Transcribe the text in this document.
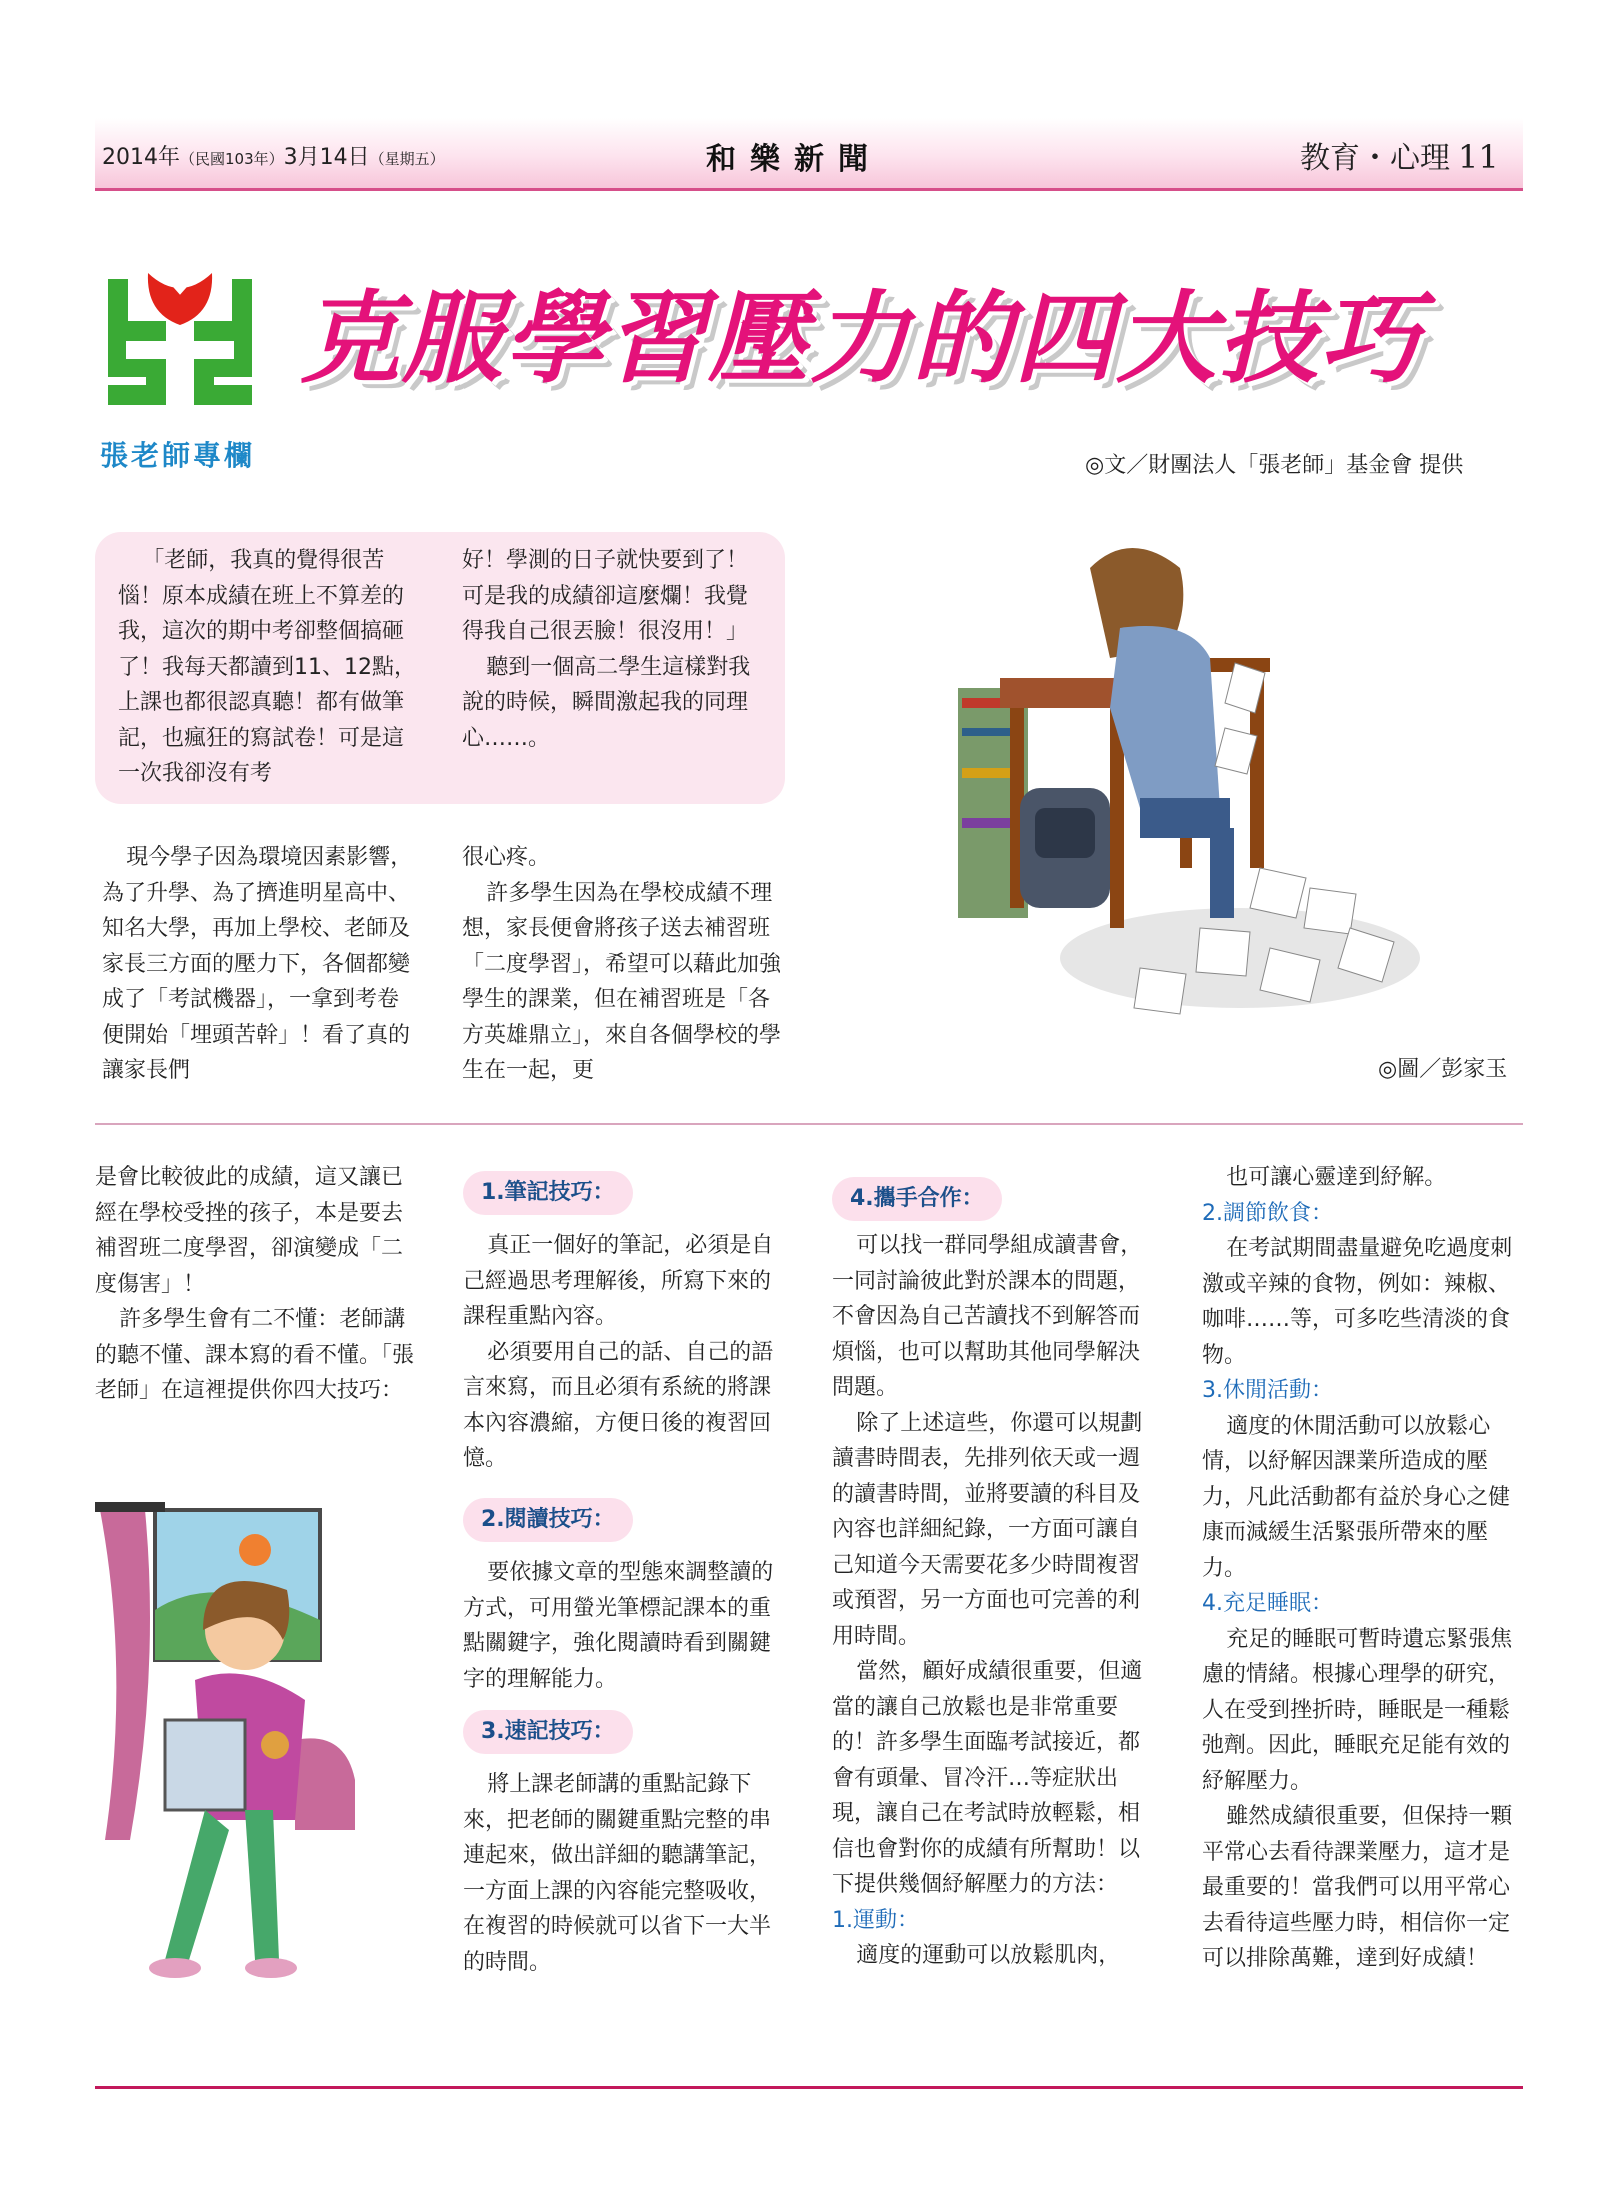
2014年（民國103年）3月14日（星期五）	和樂新聞	教育・心理 11
張老師專欄
克服學習壓力的四大技巧
◎文／財團法人「張老師」基金會 提供

「老師，我真的覺得很苦惱！原本成績在班上不算差的我，這次的期中考卻整個搞砸了！我每天都讀到11、12點，上課也都很認真聽！都有做筆記，也瘋狂的寫試卷！可是這一次我卻沒有考

好！學測的日子就快要到了！可是我的成績卻這麼爛！我覺得我自己很丟臉！很沒用！」

聽到一個高二學生這樣對我說的時候，瞬間激起我的同理心……。

現今學子因為環境因素影響，為了升學、為了擠進明星高中、知名大學，再加上學校、老師及家長三方面的壓力下，各個都變成了「考試機器」，一拿到考卷便開始「埋頭苦幹」！看了真的讓家長們

很心疼。

許多學生因為在學校成績不理想，家長便會將孩子送去補習班「二度學習」，希望可以藉此加強學生的課業，但在補習班是「各方英雄鼎立」，來自各個學校的學生在一起，更	◎圖／彭家玉

是會比較彼此的成績，這又讓已經在學校受挫的孩子，本是要去補習班二度學習，卻演變成「二度傷害」！

許多學生會有二不懂：老師講的聽不懂、課本寫的看不懂。「張老師」在這裡提供你四大技巧：

1.筆記技巧：
2.閱讀技巧：
3.速記技巧：

真正一個好的筆記，必須是自己經過思考理解後，所寫下來的課程重點內容。

必須要用自己的話、自己的語言來寫，而且必須有系統的將課本內容濃縮，方便日後的複習回憶。

要依據文章的型態來調整讀的方式，可用螢光筆標記課本的重點關鍵字，強化閱讀時看到關鍵字的理解能力。

將上課老師講的重點記錄下來，把老師的關鍵重點完整的串連起來，做出詳細的聽講筆記，一方面上課的內容能完整吸收，在複習的時候就可以省下一大半的時間。

4.攜手合作：

可以找一群同學組成讀書會，一同討論彼此對於課本的問題，不會因為自己苦讀找不到解答而煩惱，也可以幫助其他同學解決問題。

除了上述這些，你還可以規劃讀書時間表，先排列依天或一週的讀書時間，並將要讀的科目及內容也詳細紀錄，一方面可讓自己知道今天需要花多少時間複習或預習，另一方面也可完善的利用時間。

當然，顧好成績很重要，但適當的讓自己放鬆也是非常重要的！許多學生面臨考試接近，都會有頭暈、冒冷汗…等症狀出現，讓自己在考試時放輕鬆，相信也會對你的成績有所幫助！以下提供幾個紓解壓力的方法：

1.運動：

適度的運動可以放鬆肌肉，

也可讓心靈達到紓解。

2.調節飲食：

在考試期間盡量避免吃過度刺激或辛辣的食物，例如：辣椒、咖啡……等，可多吃些清淡的食物。

3.休閒活動：

適度的休閒活動可以放鬆心情，以紓解因課業所造成的壓力，凡此活動都有益於身心之健康而減緩生活緊張所帶來的壓力。

4.充足睡眠：

充足的睡眠可暫時遺忘緊張焦慮的情緒。根據心理學的研究，人在受到挫折時，睡眠是一種鬆弛劑。因此，睡眠充足能有效的紓解壓力。

雖然成績很重要，但保持一顆平常心去看待課業壓力，這才是最重要的！當我們可以用平常心去看待這些壓力時，相信你一定可以排除萬難，達到好成績！
